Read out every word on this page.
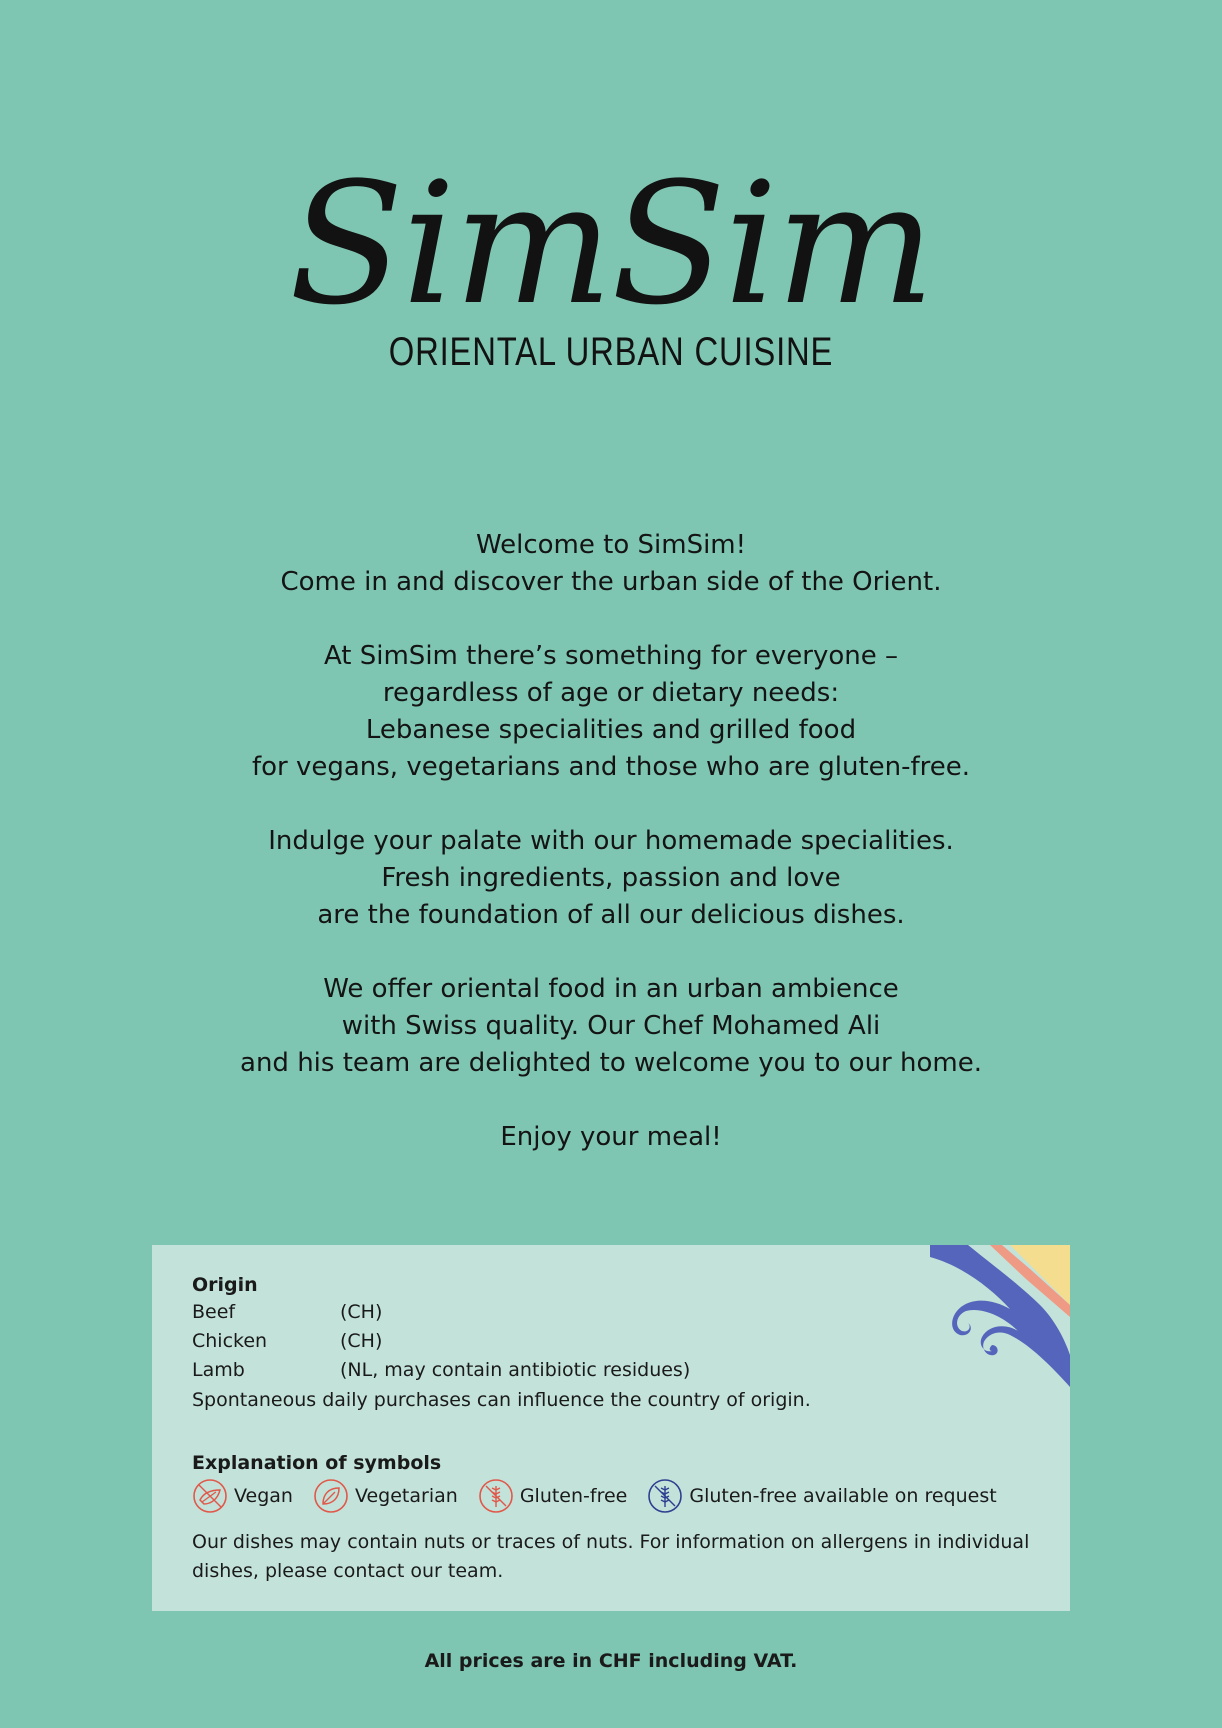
SimSim
ORIENTAL URBAN CUISINE

Welcome to SimSim!
Come in and discover the urban side of the Orient.

At SimSim there’s something for everyone –
regardless of age or dietary needs:
Lebanese specialities and grilled food
for vegans, vegetarians and those who are gluten-free.

Indulge your palate with our homemade specialities.
Fresh ingredients, passion and love
are the foundation of all our delicious dishes.

We offer oriental food in an urban ambience
with Swiss quality. Our Chef Mohamed Ali
and his team are delighted to welcome you to our home.

Enjoy your meal!

Origin
Beef	(CH)
Chicken	(CH)
Lamb	(NL, may contain antibiotic residues)
Spontaneous daily purchases can influence the country of origin.
Explanation of symbols
Vegan	Vegetarian	Gluten-free	Gluten-free available on request
Our dishes may contain nuts or traces of nuts. For information on allergens in individual dishes, please contact our team.
All prices are in CHF including VAT.
